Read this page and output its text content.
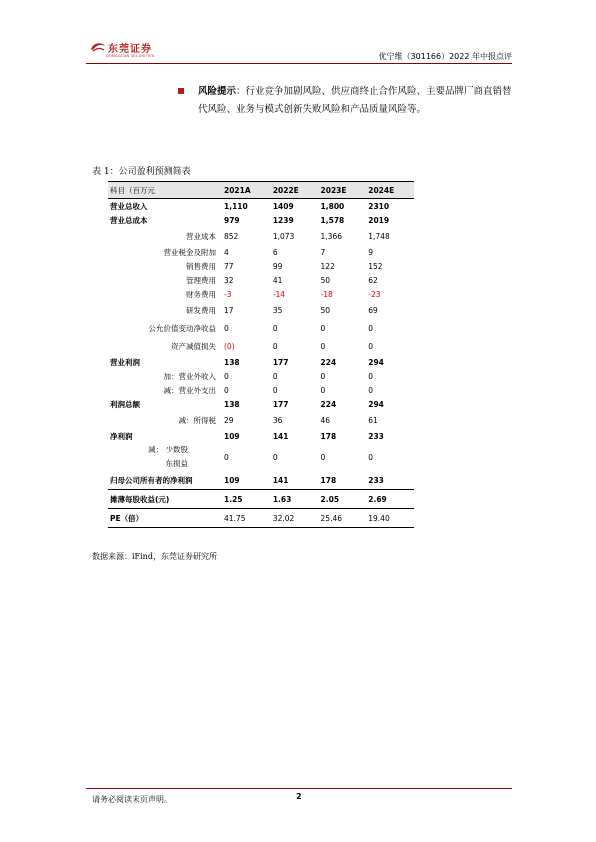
东莞证券
DONGGUAN SECURITIES	优宁维（301166）2022 年中报点评
风险提示：行业竞争加剧风险、供应商终止合作风险、主要品牌厂商直销替代风险、业务与模式创新失败风险和产品质量风险等。
表 1：公司盈利预测简表
科目（百万元	2021A	2022E	2023E	2024E
营业总收入	1,110	1409	1,800	2310
营业总成本	979	1239	1,578	2019
营业成本	852	1,073	1,366	1,748
营业税金及附加	4	6	7	9
销售费用	77	99	122	152
管理费用	32	41	50	62
财务费用	-3	-14	-18	-23
研发费用	17	35	50	69
公允价值变动净收益	0	0	0	0
资产减值损失	(0)	0	0	0
营业利润	138	177	224	294
加：营业外收入	0	0	0	0
减：营业外支出	0	0	0	0
利润总额	138	177	224	294
减：所得税	29	36	46	61
净利润	109	141	178	233
减： 少数股东损益	0	0	0	0
归母公司所有者的净利润	109	141	178	233
摊薄每股收益(元)	1.25	1.63	2.05	2.69
PE（倍）	41.75	32.02	25.46	19.40
数据来源：iFind，东莞证券研究所
请务必阅读末页声明。	2
